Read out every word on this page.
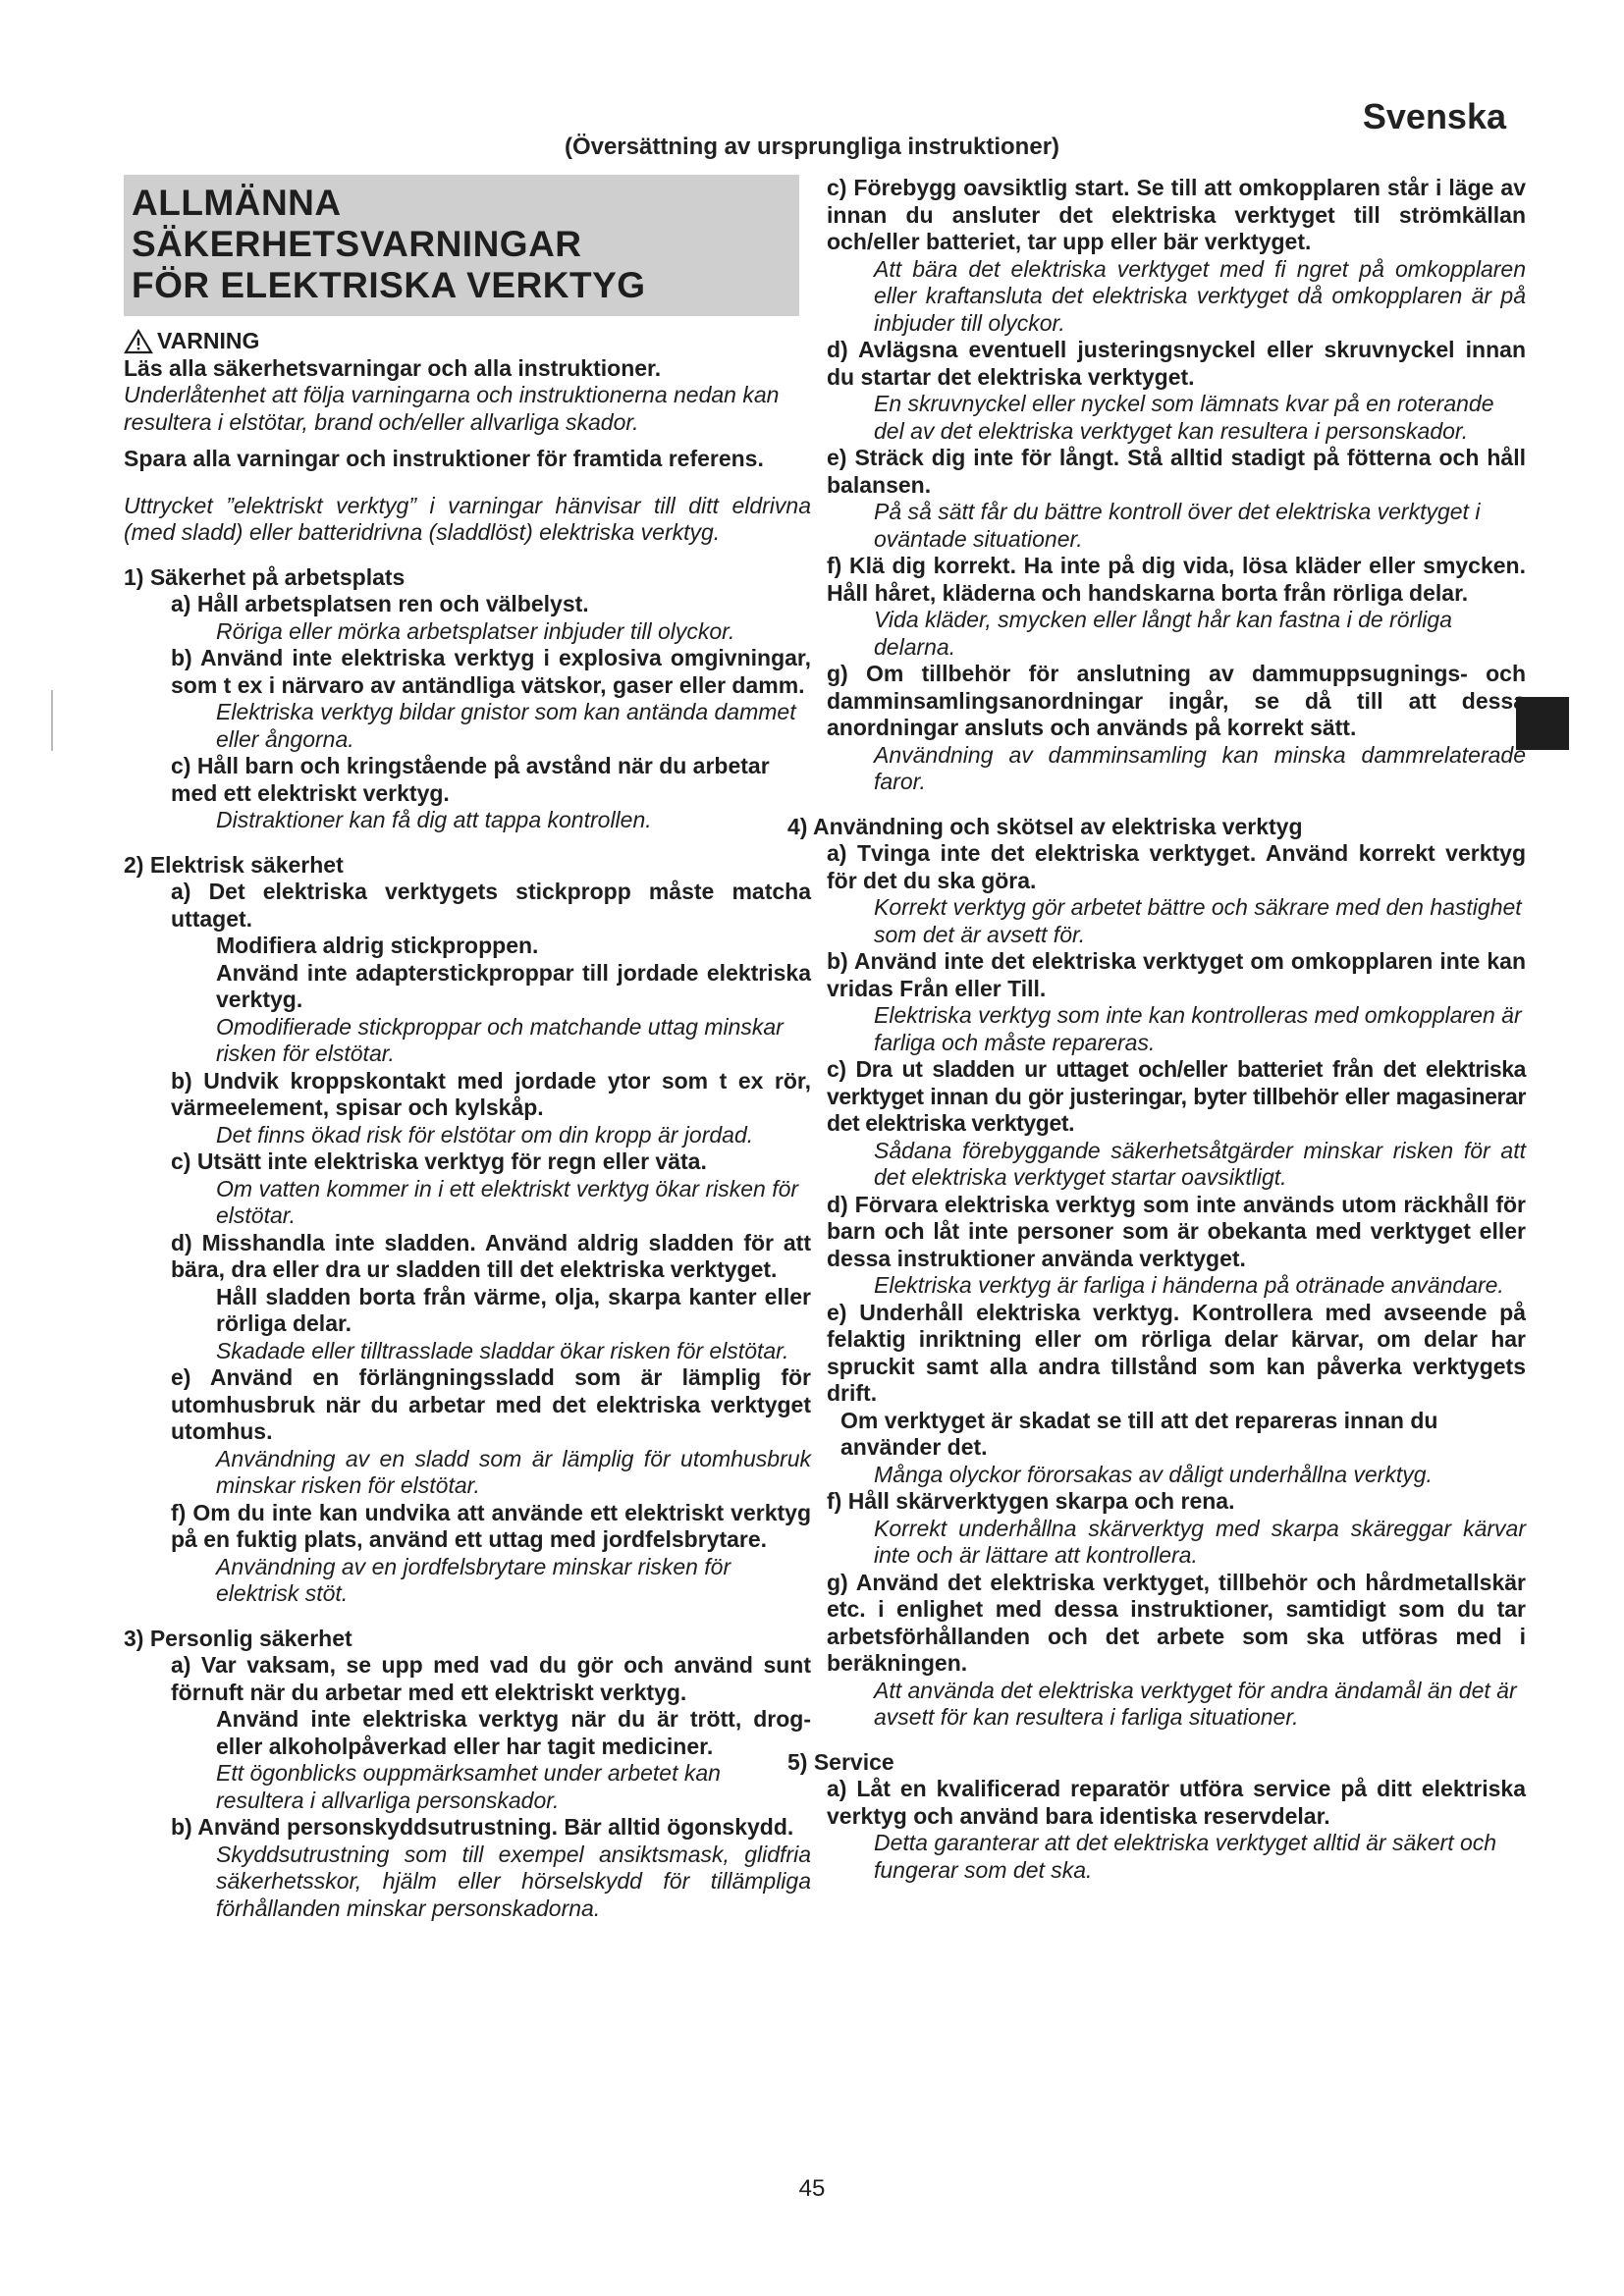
Svenska
(Översättning av ursprungliga instruktioner)
ALLMÄNNA SÄKERHETSVARNINGAR
FÖR ELEKTRISKA VERKTYG
VARNING

Läs alla säkerhetsvarningar och alla instruktioner.

Underlåtenhet att följa varningarna och instruktionerna nedan kan resultera i elstötar, brand och/eller allvarliga skador.

Spara alla varningar och instruktioner för framtida referens.

Uttrycket ”elektriskt verktyg” i varningar hänvisar till ditt eldrivna (med sladd) eller batteridrivna (sladdlöst) elektriska verktyg.

1) Säkerhet på arbetsplats

a) Håll arbetsplatsen ren och välbelyst.

Röriga eller mörka arbetsplatser inbjuder till olyckor.

b) Använd inte elektriska verktyg i explosiva omgivningar, som t ex i närvaro av antändliga vätskor, gaser eller damm.

Elektriska verktyg bildar gnistor som kan antända dammet eller ångorna.

c) Håll barn och kringstående på avstånd när du arbetar med ett elektriskt verktyg.

Distraktioner kan få dig att tappa kontrollen.

2) Elektrisk säkerhet

a) Det elektriska verktygets stickpropp måste matcha uttaget.

Modifiera aldrig stickproppen.

Använd inte adapterstickproppar till jordade elektriska verktyg.

Omodifierade stickproppar och matchande uttag minskar risken för elstötar.

b) Undvik kroppskontakt med jordade ytor som t ex rör, värmeelement, spisar och kylskåp.

Det finns ökad risk för elstötar om din kropp är jordad.

c) Utsätt inte elektriska verktyg för regn eller väta.

Om vatten kommer in i ett elektriskt verktyg ökar risken för elstötar.

d) Misshandla inte sladden. Använd aldrig sladden för att bära, dra eller dra ur sladden till det elektriska verktyget.

Håll sladden borta från värme, olja, skarpa kanter eller rörliga delar.

Skadade eller tilltrasslade sladdar ökar risken för elstötar.

e) Använd en förlängningssladd som är lämplig för utomhusbruk när du arbetar med det elektriska verktyget utomhus.

Användning av en sladd som är lämplig för utomhusbruk minskar risken för elstötar.

f) Om du inte kan undvika att använde ett elektriskt verktyg på en fuktig plats, använd ett uttag med jordfelsbrytare.

Användning av en jordfelsbrytare minskar risken för elektrisk stöt.

3) Personlig säkerhet

a) Var vaksam, se upp med vad du gör och använd sunt förnuft när du arbetar med ett elektriskt verktyg.

Använd inte elektriska verktyg när du är trött, drog- eller alkoholpåverkad eller har tagit mediciner.

Ett ögonblicks ouppmärksamhet under arbetet kan resultera i allvarliga personskador.

b) Använd personskyddsutrustning. Bär alltid ögonskydd.

Skyddsutrustning som till exempel ansiktsmask, glidfria säkerhetsskor, hjälm eller hörselskydd för tillämpliga förhållanden minskar personskadorna.

c) Förebygg oavsiktlig start. Se till att omkopplaren står i läge av innan du ansluter det elektriska verktyget till strömkällan och/eller batteriet, tar upp eller bär verktyget.

Att bära det elektriska verktyget med fi ngret på omkopplaren eller kraftansluta det elektriska verktyget då omkopplaren är på inbjuder till olyckor.

d) Avlägsna eventuell justeringsnyckel eller skruvnyckel innan du startar det elektriska verktyget.

En skruvnyckel eller nyckel som lämnats kvar på en roterande del av det elektriska verktyget kan resultera i personskador.

e) Sträck dig inte för långt. Stå alltid stadigt på fötterna och håll balansen.

På så sätt får du bättre kontroll över det elektriska verktyget i oväntade situationer.

f) Klä dig korrekt. Ha inte på dig vida, lösa kläder eller smycken. Håll håret, kläderna och handskarna borta från rörliga delar.

Vida kläder, smycken eller långt hår kan fastna i de rörliga delarna.

g) Om tillbehör för anslutning av dammuppsugnings- och damminsamlingsanordningar ingår, se då till att dessa anordningar ansluts och används på korrekt sätt.

Användning av damminsamling kan minska dammrelaterade faror.

4) Användning och skötsel av elektriska verktyg

a) Tvinga inte det elektriska verktyget. Använd korrekt verktyg för det du ska göra.

Korrekt verktyg gör arbetet bättre och säkrare med den hastighet som det är avsett för.

b) Använd inte det elektriska verktyget om omkopplaren inte kan vridas Från eller Till.

Elektriska verktyg som inte kan kontrolleras med omkopplaren är farliga och måste repareras.

c) Dra ut sladden ur uttaget och/eller batteriet från det elektriska verktyget innan du gör justeringar, byter tillbehör eller magasinerar det elektriska verktyget.

Sådana förebyggande säkerhetsåtgärder minskar risken för att det elektriska verktyget startar oavsiktligt.

d) Förvara elektriska verktyg som inte används utom räckhåll för barn och låt inte personer som är obekanta med verktyget eller dessa instruktioner använda verktyget.

Elektriska verktyg är farliga i händerna på otränade användare.

e) Underhåll elektriska verktyg. Kontrollera med avseende på felaktig inriktning eller om rörliga delar kärvar, om delar har spruckit samt alla andra tillstånd som kan påverka verktygets drift.

Om verktyget är skadat se till att det repareras innan du använder det.

Många olyckor förorsakas av dåligt underhållna verktyg.

f) Håll skärverktygen skarpa och rena.

Korrekt underhållna skärverktyg med skarpa skäreggar kärvar inte och är lättare att kontrollera.

g) Använd det elektriska verktyget, tillbehör och hårdmetallskär etc. i enlighet med dessa instruktioner, samtidigt som du tar arbetsförhållanden och det arbete som ska utföras med i beräkningen.

Att använda det elektriska verktyget för andra ändamål än det är avsett för kan resultera i farliga situationer.

5) Service

a) Låt en kvalificerad reparatör utföra service på ditt elektriska verktyg och använd bara identiska reservdelar.

Detta garanterar att det elektriska verktyget alltid är säkert och fungerar som det ska.

45
